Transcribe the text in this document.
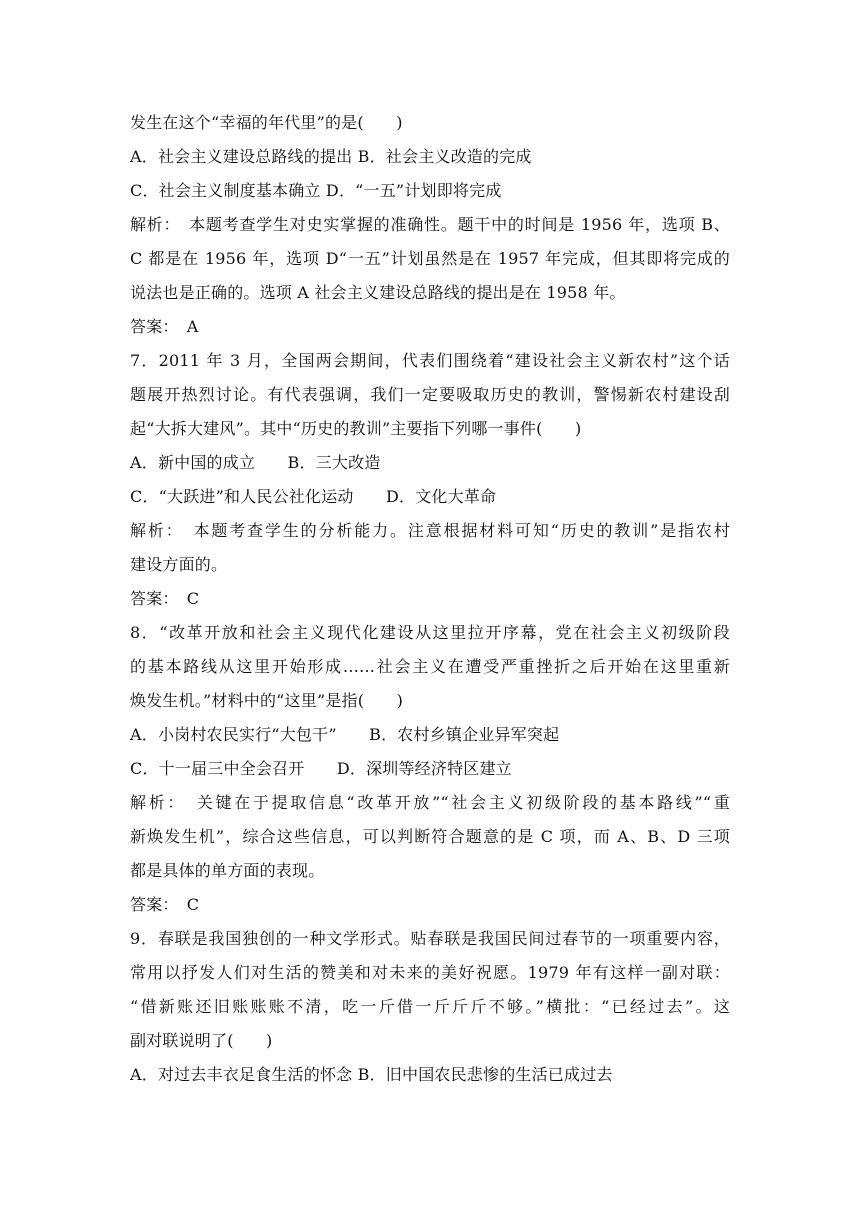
发生在这个“幸福的年代里”的是(　　)
A．社会主义建设总路线的提出 B．社会主义改造的完成
C．社会主义制度基本确立 D．“一五”计划即将完成
解析：　本题考查学生对史实掌握的准确性。题干中的时间是 1956 年，选项 B、
C 都是在 1956 年，选项 D“一五”计划虽然是在 1957 年完成，但其即将完成的
说法也是正确的。选项 A 社会主义建设总路线的提出是在 1958 年。
答案：　A
7．2011 年 3 月，全国两会期间，代表们围绕着“建设社会主义新农村”这个话
题展开热烈讨论。有代表强调，我们一定要吸取历史的教训，警惕新农村建设刮
起“大拆大建风”。其中“历史的教训”主要指下列哪一事件(　　)
A．新中国的成立　　B．三大改造
C．“大跃进”和人民公社化运动　　D．文化大革命
解析：　本题考查学生的分析能力。注意根据材料可知“历史的教训”是指农村
建设方面的。
答案：　C
8．“改革开放和社会主义现代化建设从这里拉开序幕，党在社会主义初级阶段
的基本路线从这里开始形成……社会主义在遭受严重挫折之后开始在这里重新
焕发生机。”材料中的“这里”是指(　　)
A．小岗村农民实行“大包干”　　B．农村乡镇企业异军突起
C．十一届三中全会召开　　D．深圳等经济特区建立
解析：　关键在于提取信息“改革开放”“社会主义初级阶段的基本路线”“重
新焕发生机”，综合这些信息，可以判断符合题意的是 C 项，而 A、B、D 三项
都是具体的单方面的表现。
答案：　C
9．春联是我国独创的一种文学形式。贴春联是我国民间过春节的一项重要内容，
常用以抒发人们对生活的赞美和对未来的美好祝愿。1979 年有这样一副对联：
“借新账还旧账账账不清，吃一斤借一斤斤斤不够。”横批：“已经过去”。这
副对联说明了(　　)
A．对过去丰衣足食生活的怀念 B．旧中国农民悲惨的生活已成过去
